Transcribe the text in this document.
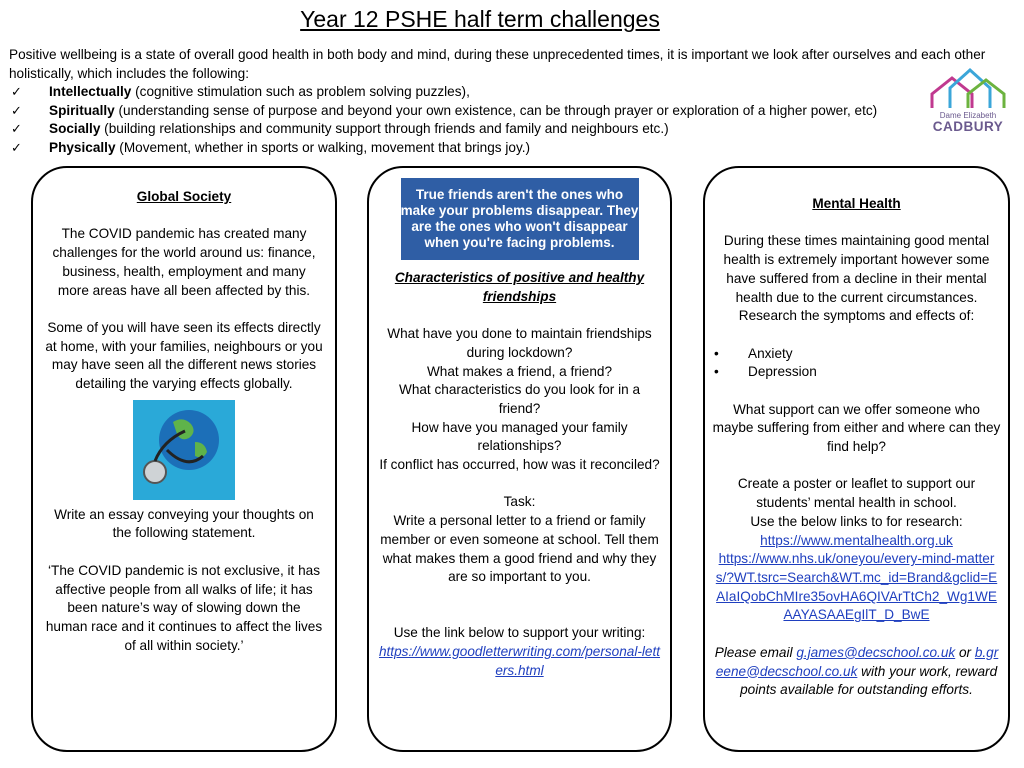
Year 12 PSHE half term challenges
Positive wellbeing is a state of overall good health in both body and mind, during these unprecedented times, it is important we look after ourselves and each other holistically, which includes the following:
✓ Intellectually (cognitive stimulation such as problem solving puzzles),
✓ Spiritually (understanding sense of purpose and beyond your own existence, can be through prayer or exploration of a higher power, etc)
✓ Socially (building relationships and community support through friends and family and neighbours etc.)
✓ Physically (Movement, whether in sports or walking, movement that brings joy.)
Dame Elizabeth
CADBURY

Global Society

The COVID pandemic has created many challenges for the world around us: finance, business, health, employment and many more areas have all been affected by this.

Some of you will have seen its effects directly at home, with your families, neighbours or you may have seen all the different news stories detailing the varying effects globally.

Write an essay conveying your thoughts on the following statement.

‘The COVID pandemic is not exclusive, it has affective people from all walks of life; it has been nature’s way of slowing down the human race and it continues to affect the lives of all within society.’

True friends aren't the ones who make your problems disappear. They are the ones who won't disappear when you're facing problems.

Characteristics of positive and healthy friendships

What have you done to maintain friendships during lockdown?

What makes a friend, a friend?

What characteristics do you look for in a friend?

How have you managed your family relationships?

If conflict has occurred, how was it reconciled?

Task:

Write a personal letter to a friend or family member or even someone at school. Tell them what makes them a good friend and why they are so important to you.

Use the link below to support your writing:

https://www.goodletterwriting.com/personal-letters.html

Mental Health

During these times maintaining good mental health is extremely important however some have suffered from a decline in their mental health due to the current circumstances.

Research the symptoms and effects of:

• Anxiety
• Depression

What support can we offer someone who maybe suffering from either and where can they find help?

Create a poster or leaflet to support our students’ mental health in school.

Use the below links to for research:

https://www.mentalhealth.org.uk

https://www.nhs.uk/oneyou/every-mind-matters/?WT.tsrc=Search&WT.mc_id=Brand&gclid=EAIaIQobChMIre35ovHA6QIVArTtCh2_Wg1WEAAYASAAEgIlT_D_BwE

Please email g.james@decschool.co.uk or b.greene@decschool.co.uk with your work, reward points available for outstanding efforts.
